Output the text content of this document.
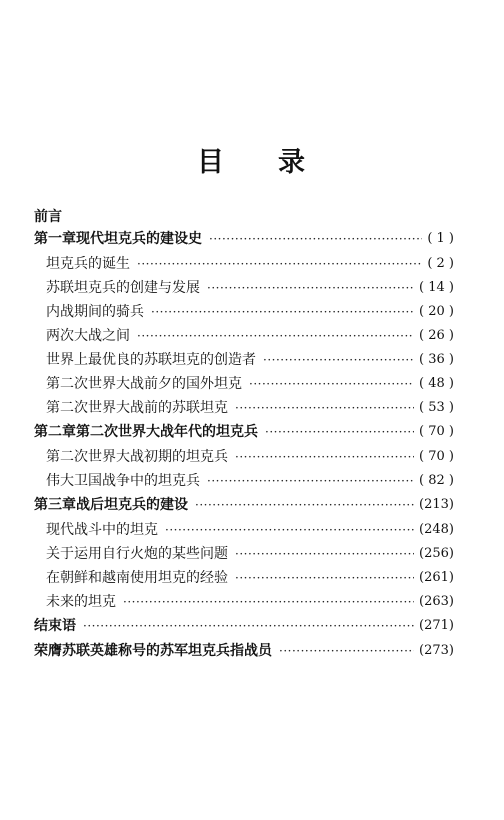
目 录
前言
第一章 现代坦克兵的建设史 ·····	( 1 )
坦克兵的诞生 ·····	( 2 )
苏联坦克兵的创建与发展 ·····	( 14 )
内战期间的骑兵 ·····	( 20 )
两次大战之间 ·····	( 26 )
世界上最优良的苏联坦克的创造者 ·····	( 36 )
第二次世界大战前夕的国外坦克 ·····	( 48 )
第二次世界大战前的苏联坦克 ·····	( 53 )
第二章 第二次世界大战年代的坦克兵 ·····	( 70 )
第二次世界大战初期的坦克兵 ·····	( 70 )
伟大卫国战争中的坦克兵 ·····	( 82 )
第三章 战后坦克兵的建设 ·····	(213)
现代战斗中的坦克 ·····	(248)
关于运用自行火炮的某些问题 ·····	(256)
在朝鲜和越南使用坦克的经验 ·····	(261)
未来的坦克 ·····	(263)
结束语 ·····	(271)
荣膺苏联英雄称号的苏军坦克兵指战员 ·····	(273)
